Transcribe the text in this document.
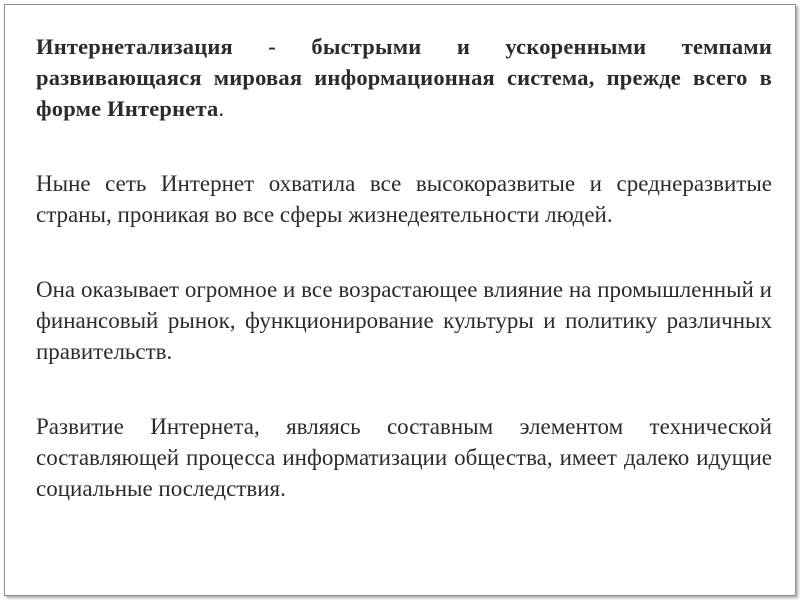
Интернетализация - быстрыми и ускоренными темпами развивающаяся мировая информационная система, прежде всего в форме Интернета.

Ныне сеть Интернет охватила все высокоразвитые и среднеразвитые страны, проникая во все сферы жизнедеятельности людей.

Она оказывает огромное и все возрастающее влияние на промышленный и финансовый рынок, функционирование культуры и политику различных правительств.

Развитие Интернета, являясь составным элементом технической составляющей процесса информатизации общества, имеет далеко идущие социальные последствия.
